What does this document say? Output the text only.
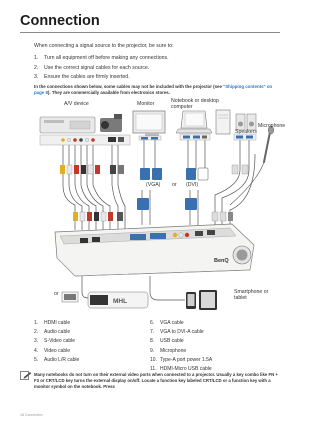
Connection
When connecting a signal source to the projector, be sure to:
1. Turn all equipment off before making any connections.
2. Use the correct signal cables for each source.
3. Ensure the cables are firmly inserted.
In the connections shown below, some cables may not be included with the projector (see "Shipping contents" on page 8). They are commercially available from electronics stores.
BenQ
MHL
A/V device	Monitor	Notebook or desktop computer
Speakers
Microphone
(VGA) or (DVI)
Smartphone or tablet
or
1. HDMI cable
2. Audio cable
3. S-Video cable
4. Video cable
5. Audio L/R cable
6. VGA cable
7. VGA to DVI-A cable
8. USB cable
9. Microphone
10. Type-A port power 1.5A
11. HDMI-Micro USB cable
Many notebooks do not turn on their external video ports when connected to a projector. Usually a key combo like FN + F3 or CRT/LCD key turns the external display on/off. Locate a function key labeled CRT/LCD or a function key with a monitor symbol on the notebook. Press
18 Connection
